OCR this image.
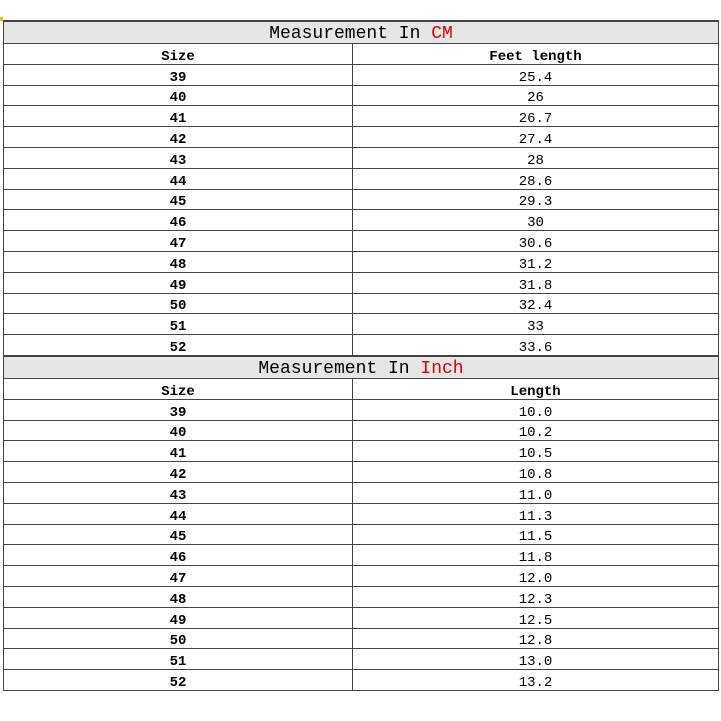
Measurement In CM	
Size	Feet length
39	25.4
40	26
41	26.7
42	27.4
43	28
44	28.6
45	29.3
46	30
47	30.6
48	31.2
49	31.8
50	32.4
51	33
52	33.6
Measurement In Inch	
Size	Length
39	10.0
40	10.2
41	10.5
42	10.8
43	11.0
44	11.3
45	11.5
46	11.8
47	12.0
48	12.3
49	12.5
50	12.8
51	13.0
52	13.2
